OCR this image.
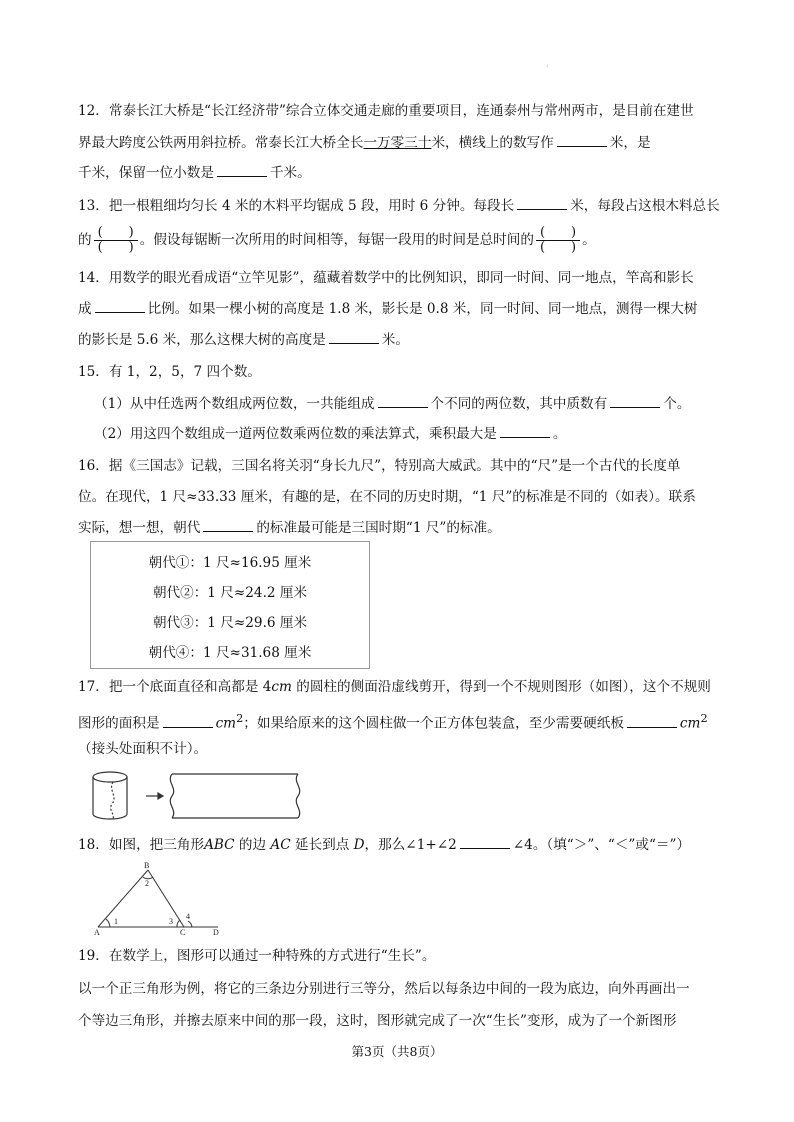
·
12．常泰长江大桥是“长江经济带”综合立体交通走廊的重要项目，连通泰州与常州两市，是目前在建世
界最大跨度公铁两用斜拉桥。常泰长江大桥全长一万零三十米，横线上的数写作	米，是
千米，保留一位小数是	千米。
13．把一根粗细均匀长 4 米的木料平均锯成 5 段，用时 6 分钟。每段长	米，每段占这根木料总长
的 $\frac{( )}{( )}$ 。假设每锯断一次所用的时间相等，每锯一段用的时间是总时间的 $\frac{( )}{( )}$ 。
14．用数学的眼光看成语“立竿见影”，蕴藏着数学中的比例知识，即同一时间、同一地点，竿高和影长
成	比例。如果一棵小树的高度是 1.8 米，影长是 0.8 米，同一时间、同一地点，测得一棵大树
的影长是 5.6 米，那么这棵大树的高度是	米。
15．有 1，2，5，7 四个数。
（1）从中任选两个数组成两位数，一共能组成	个不同的两位数，其中质数有	个。
（2）用这四个数组成一道两位数乘两位数的乘法算式，乘积最大是	。
16．据《三国志》记载，三国名将关羽“身长九尺”，特别高大威武。其中的“尺”是一个古代的长度单
位。在现代，1 尺≈33.33 厘米，有趣的是，在不同的历史时期，“1 尺”的标准是不同的（如表）。联系
实际，想一想，朝代	的标准最可能是三国时期“1 尺”的标准。
朝代①：1 尺≈16.95 厘米
朝代②：1 尺≈24.2 厘米
朝代③：1 尺≈29.6 厘米
朝代④：1 尺≈31.68 厘米
17．把一个底面直径和高都是 4cm 的圆柱的侧面沿虚线剪开，得到一个不规则图形（如图），这个不规则
图形的面积是	$cm^2$；如果给原来的这个圆柱做一个正方体包装盒，至少需要硬纸板	$cm^2$
（接头处面积不计）。
18．如图，把三角形ABC 的边 AC 延长到点 D，那么∠1+∠2	∠4。（填“＞”、“＜”或“＝”）
B
A	C	D
1
2
3
4
19．在数学上，图形可以通过一种特殊的方式进行“生长”。
以一个正三角形为例，将它的三条边分别进行三等分，然后以每条边中间的一段为底边，向外再画出一
个等边三角形，并擦去原来中间的那一段，这时，图形就完成了一次“生长”变形，成为了一个新图形
第3页（共8页）
